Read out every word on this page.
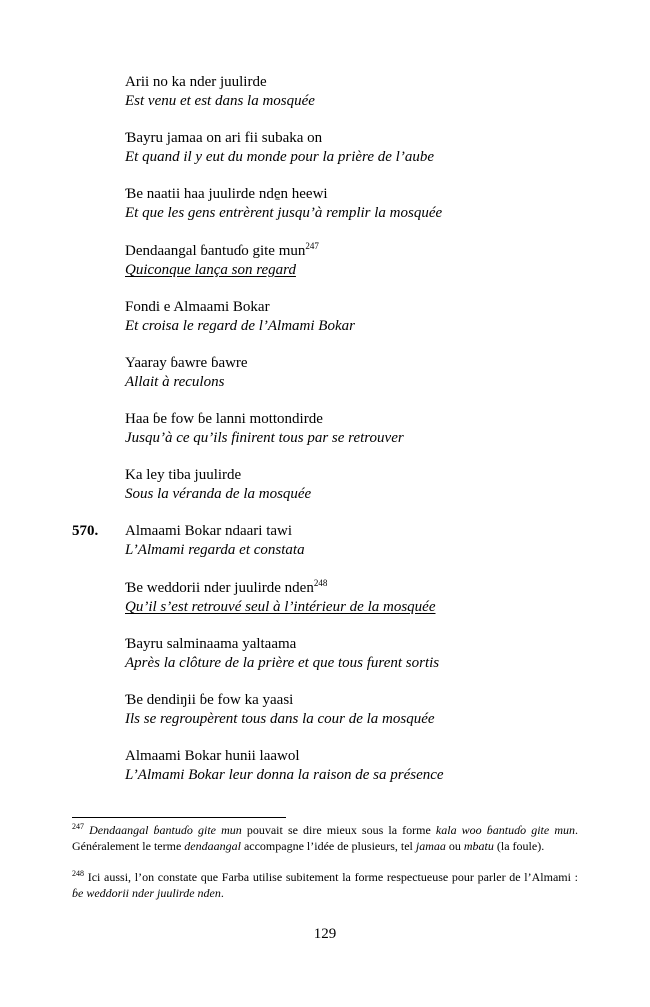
Arii no ka nder juulirde
Est venu et est dans la mosquée
Ɓayru jamaa on ari fii subaka on
Et quand il y eut du monde pour la prière de l’aube
Ɓe naatii haa juulirde nde̱n heewi
Et que les gens entrèrent jusqu’à remplir la mosquée
Dendaangal ɓantuɗo gite mun$^{247}$
Quiconque lança son regard
Fondi e Almaami Bokar
Et croisa le regard de l’Almami Bokar
Yaaray ɓawre ɓawre
Allait à reculons
Haa ɓe fow ɓe lanni mottondirde
Jusqu’à ce qu’ils finirent tous par se retrouver
Ka ley tiba juulirde
Sous la véranda de la mosquée
570. Almaami Bokar ndaari tawi
L’Almami regarda et constata
Ɓe weddorii nder juulirde nden$^{248}$
Qu’il s’est retrouvé seul à l’intérieur de la mosquée
Ɓayru salminaama yaltaama
Après la clôture de la prière et que tous furent sortis
Ɓe dendiŋii ɓe fow ka yaasi
Ils se regroupèrent tous dans la cour de la mosquée
Almaami Bokar hunii laawol
L’Almami Bokar leur donna la raison de sa présence
$^{247}$ Dendaangal ɓantuɗo gite mun pouvait se dire mieux sous la forme kala woo ɓantuɗo gite mun. Généralement le terme dendaangal accompagne l’idée de plusieurs, tel jamaa ou mbatu (la foule).
$^{248}$ Ici aussi, l’on constate que Farba utilise subitement la forme respectueuse pour parler de l’Almami : ɓe weddorii nder juulirde nden.
129
